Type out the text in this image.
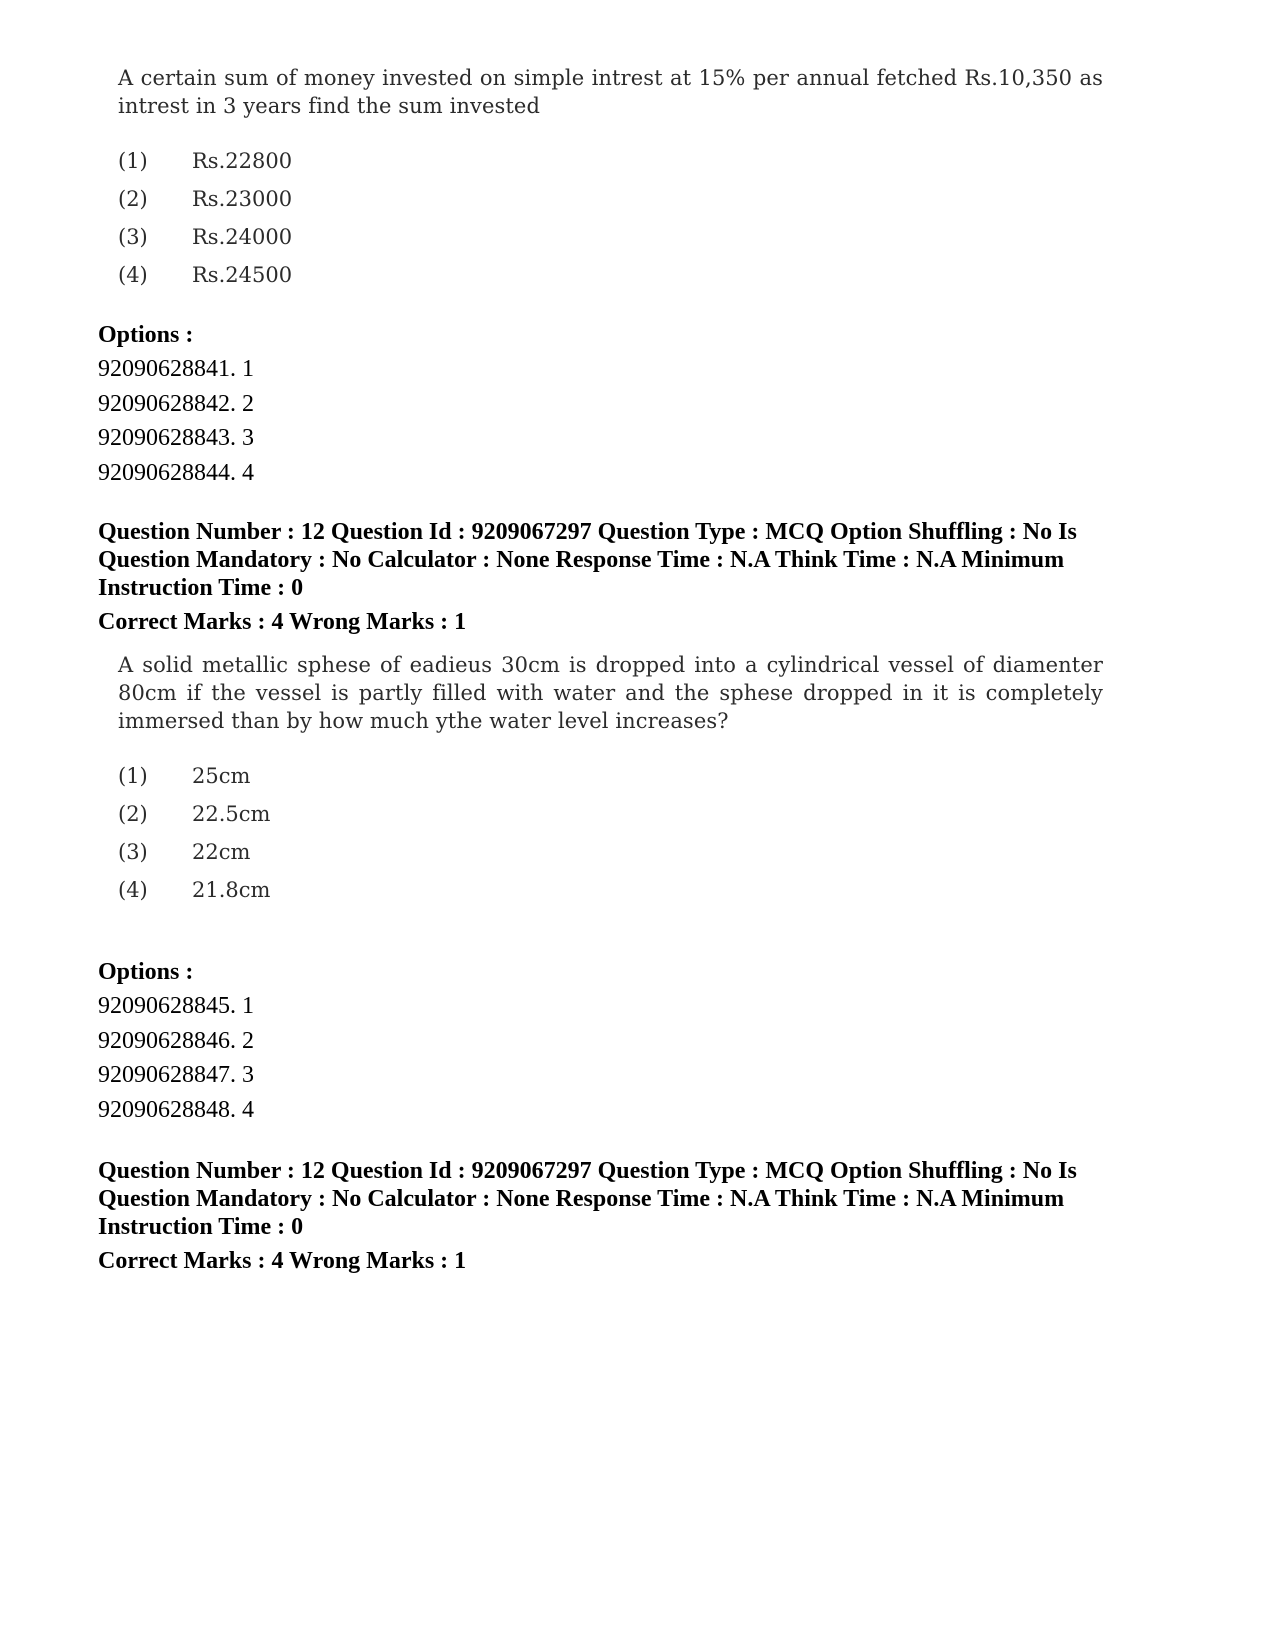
A certain sum of money invested on simple intrest at 15% per annual fetched Rs.10,350 as intrest in 3 years find the sum invested

(1)	Rs.22800
(2)	Rs.23000
(3)	Rs.24000
(4)	Rs.24500
Options :
92090628841. 1
92090628842. 2
92090628843. 3
92090628844. 4
Question Number : 12 Question Id : 9209067297 Question Type : MCQ Option Shuffling : No Is Question Mandatory : No Calculator : None Response Time : N.A Think Time : N.A Minimum Instruction Time : 0
Correct Marks : 4 Wrong Marks : 1

A solid metallic sphese of eadieus 30cm is dropped into a cylindrical vessel of diamenter 80cm if the vessel is partly filled with water and the sphese dropped in it is completely immersed than by how much ythe water level increases?

(1)	25cm
(2)	22.5cm
(3)	22cm
(4)	21.8cm
Options :
92090628845. 1
92090628846. 2
92090628847. 3
92090628848. 4
Question Number : 12 Question Id : 9209067297 Question Type : MCQ Option Shuffling : No Is Question Mandatory : No Calculator : None Response Time : N.A Think Time : N.A Minimum Instruction Time : 0
Correct Marks : 4 Wrong Marks : 1
